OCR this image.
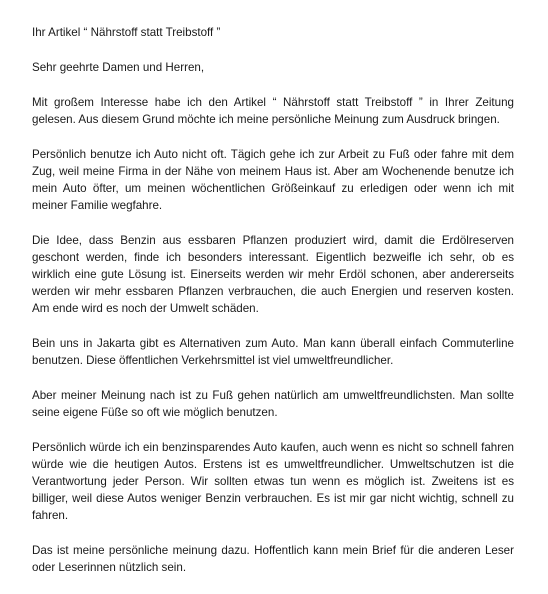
Ihr Artikel “ Nährstoff statt Treibstoff ”

Sehr geehrte Damen und Herren,

Mit großem Interesse habe ich den Artikel “ Nährstoff statt Treibstoff ” in Ihrer Zeitung gelesen. Aus diesem Grund möchte ich meine persönliche Meinung zum Ausdruck bringen.

Persönlich benutze ich Auto nicht oft. Tägich gehe ich zur Arbeit zu Fuß oder fahre mit dem Zug, weil meine Firma in der Nähe von meinem Haus ist. Aber am Wochenende benutze ich mein Auto öfter, um meinen wöchentlichen Größeinkauf zu erledigen oder wenn ich mit meiner Familie wegfahre.

Die Idee, dass Benzin aus essbaren Pflanzen produziert wird, damit die Erdölreserven geschont werden, finde ich besonders interessant. Eigentlich bezweifle ich sehr, ob es wirklich eine gute Lösung ist. Einerseits werden wir mehr Erdöl schonen, aber andererseits werden wir mehr essbaren Pflanzen verbrauchen, die auch Energien und reserven kosten. Am ende wird es noch der Umwelt schäden.

Bein uns in Jakarta gibt es Alternativen zum Auto. Man kann überall einfach Commuterline benutzen. Diese öffentlichen Verkehrsmittel ist viel umweltfreundlicher.

Aber meiner Meinung nach ist zu Fuß gehen natürlich am umweltfreundlichsten. Man sollte seine eigene Füße so oft wie möglich benutzen.

Persönlich würde ich ein benzinsparendes Auto kaufen, auch wenn es nicht so schnell fahren würde wie die heutigen Autos. Erstens ist es umweltfreundlicher. Umweltschutzen ist die Verantwortung jeder Person. Wir sollten etwas tun wenn es möglich ist. Zweitens ist es billiger, weil diese Autos weniger Benzin verbrauchen. Es ist mir gar nicht wichtig, schnell zu fahren.

Das ist meine persönliche meinung dazu. Hoffentlich kann mein Brief für die anderen Leser oder Leserinnen nützlich sein.
